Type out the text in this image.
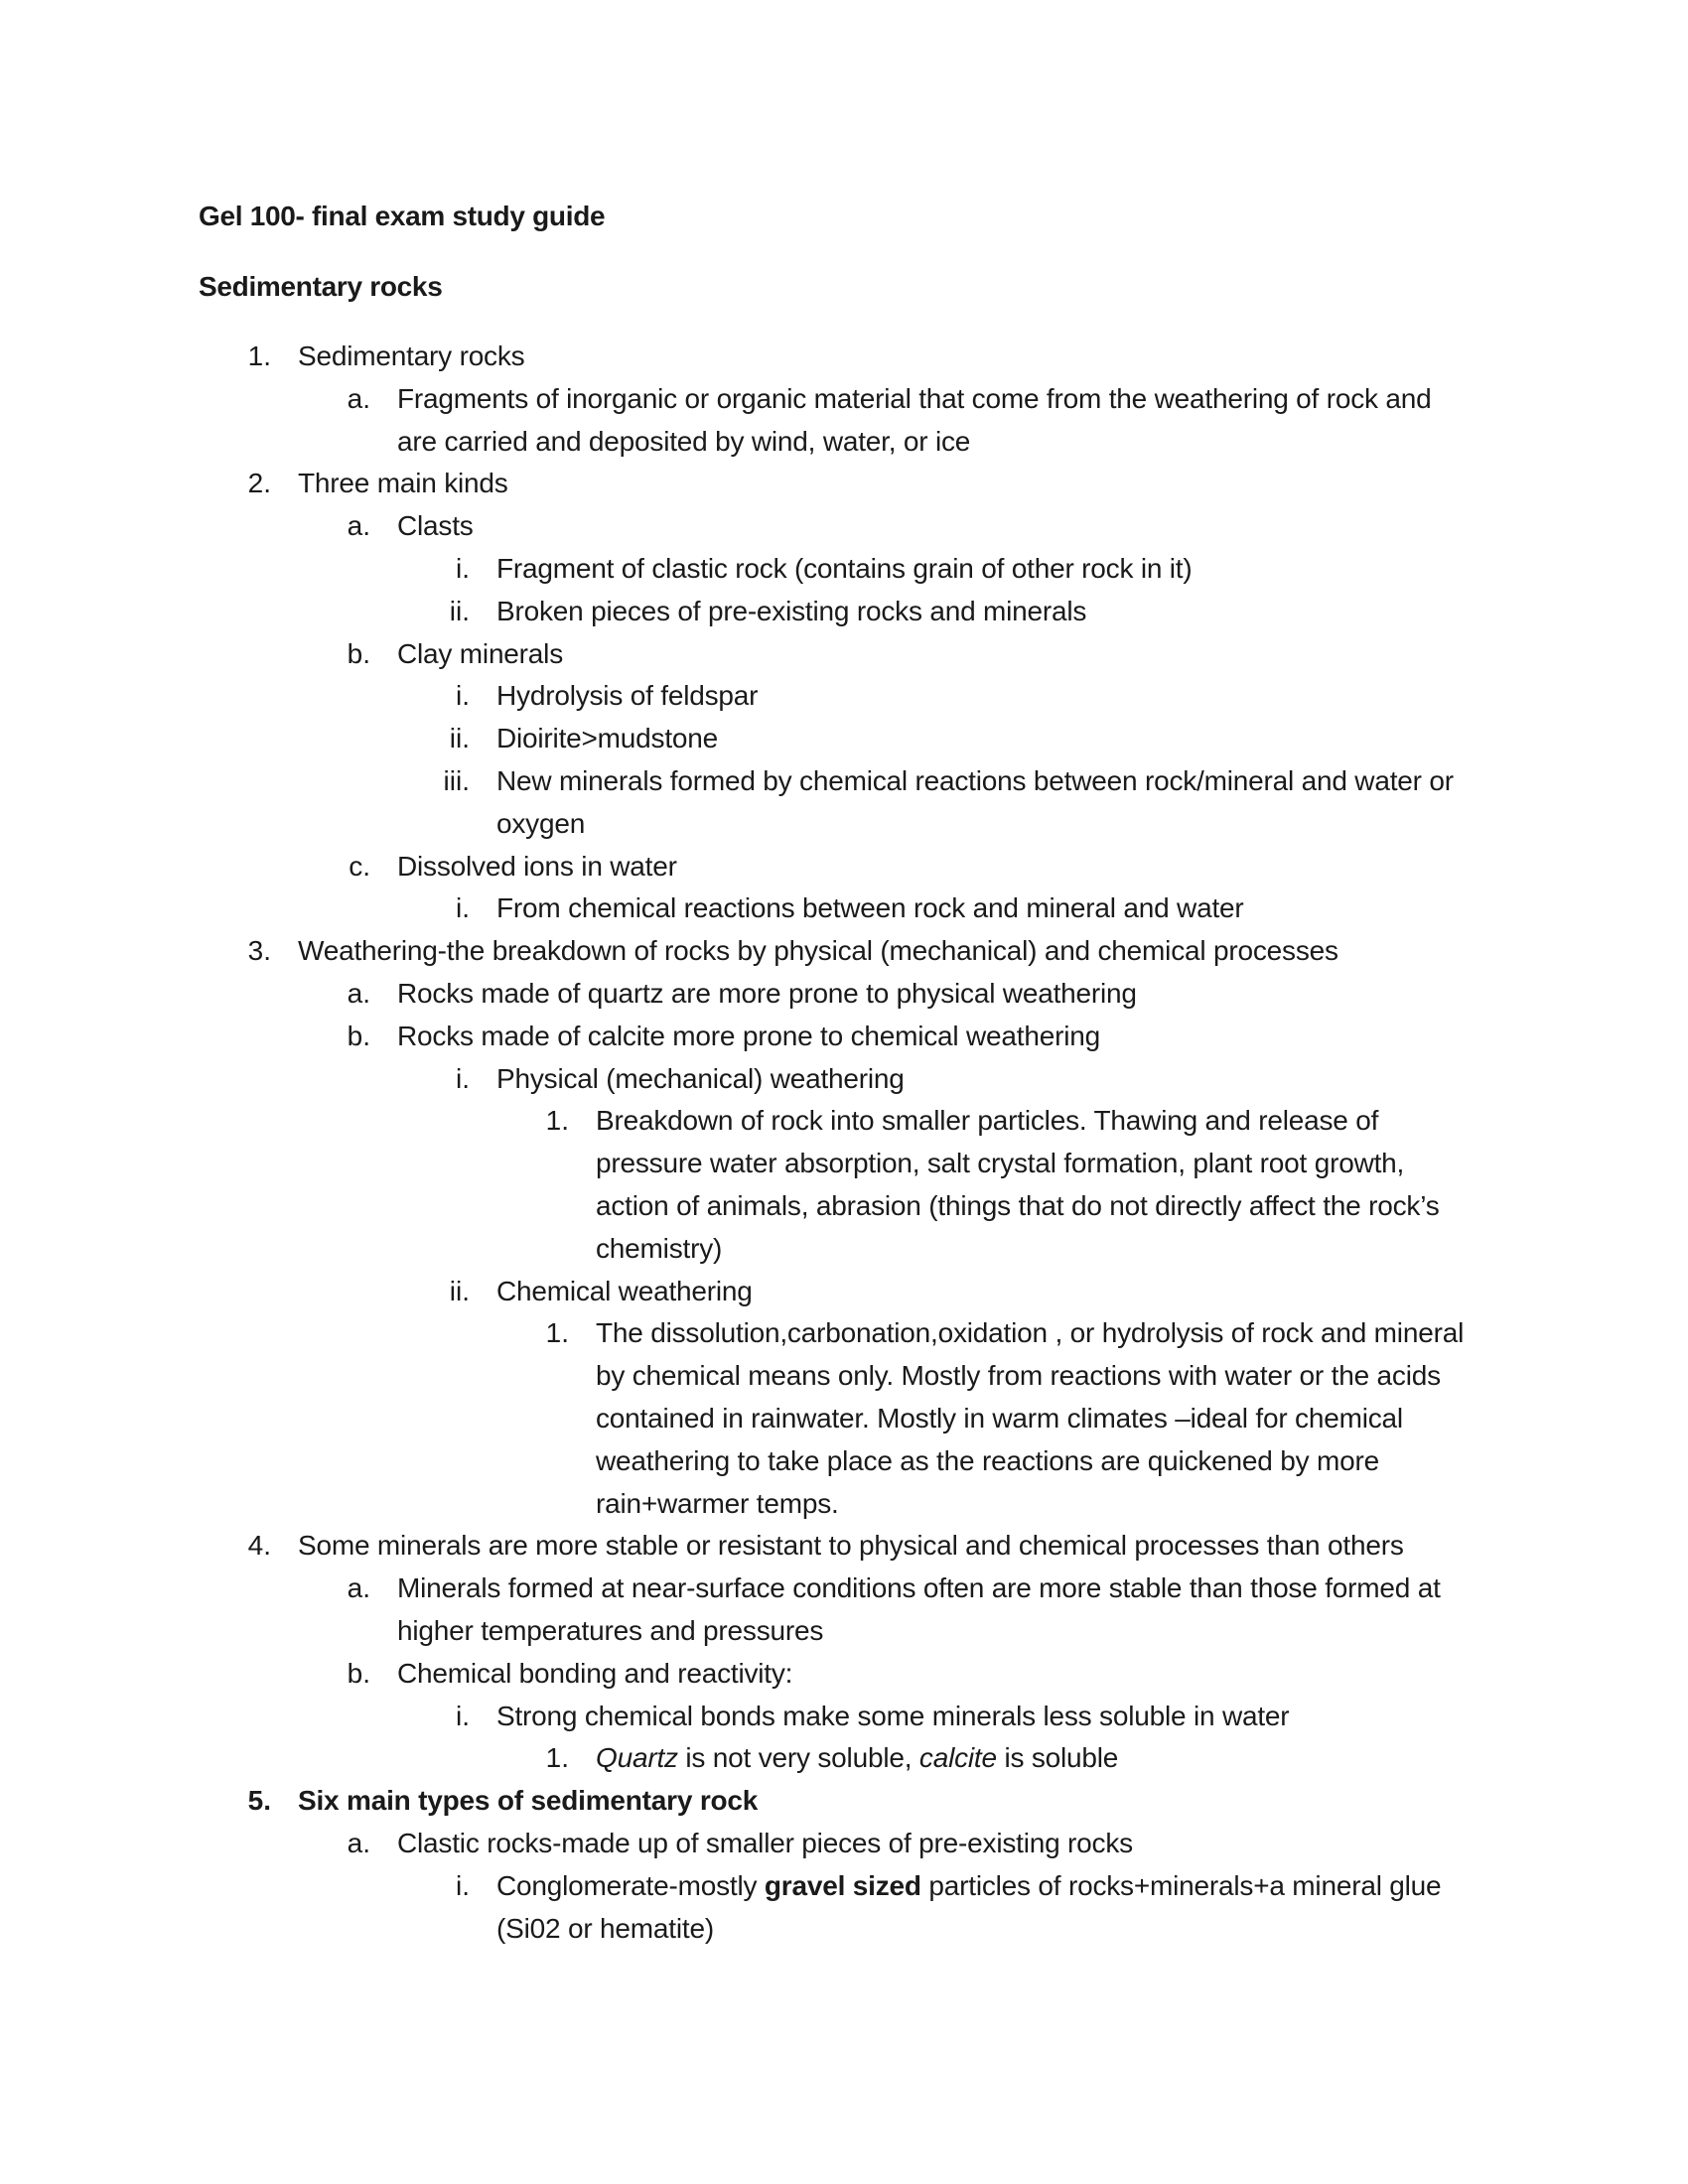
Gel 100- final exam study guide
Sedimentary rocks
1. Sedimentary rocks
a. Fragments of inorganic or organic material that come from the weathering of rock and
are carried and deposited by wind, water, or ice
2. Three main kinds
a. Clasts
i. Fragment of clastic rock (contains grain of other rock in it)
ii. Broken pieces of pre-existing rocks and minerals
b. Clay minerals
i. Hydrolysis of feldspar
ii. Dioirite>mudstone
iii. New minerals formed by chemical reactions between rock/mineral and water or
oxygen
c. Dissolved ions in water
i. From chemical reactions between rock and mineral and water
3. Weathering-the breakdown of rocks by physical (mechanical) and chemical processes
a. Rocks made of quartz are more prone to physical weathering
b. Rocks made of calcite more prone to chemical weathering
i. Physical (mechanical) weathering
1. Breakdown of rock into smaller particles. Thawing and release of
pressure water absorption, salt crystal formation, plant root growth,
action of animals, abrasion (things that do not directly affect the rock’s
chemistry)
ii. Chemical weathering
1. The dissolution,carbonation,oxidation , or hydrolysis of rock and mineral
by chemical means only. Mostly from reactions with water or the acids
contained in rainwater. Mostly in warm climates –ideal for chemical
weathering to take place as the reactions are quickened by more
rain+warmer temps.
4. Some minerals are more stable or resistant to physical and chemical processes than others
a. Minerals formed at near-surface conditions often are more stable than those formed at
higher temperatures and pressures
b. Chemical bonding and reactivity:
i. Strong chemical bonds make some minerals less soluble in water
1. Quartz is not very soluble, calcite is soluble
5. Six main types of sedimentary rock
a. Clastic rocks-made up of smaller pieces of pre-existing rocks
i. Conglomerate-mostly gravel sized particles of rocks+minerals+a mineral glue
(Si02 or hematite)
